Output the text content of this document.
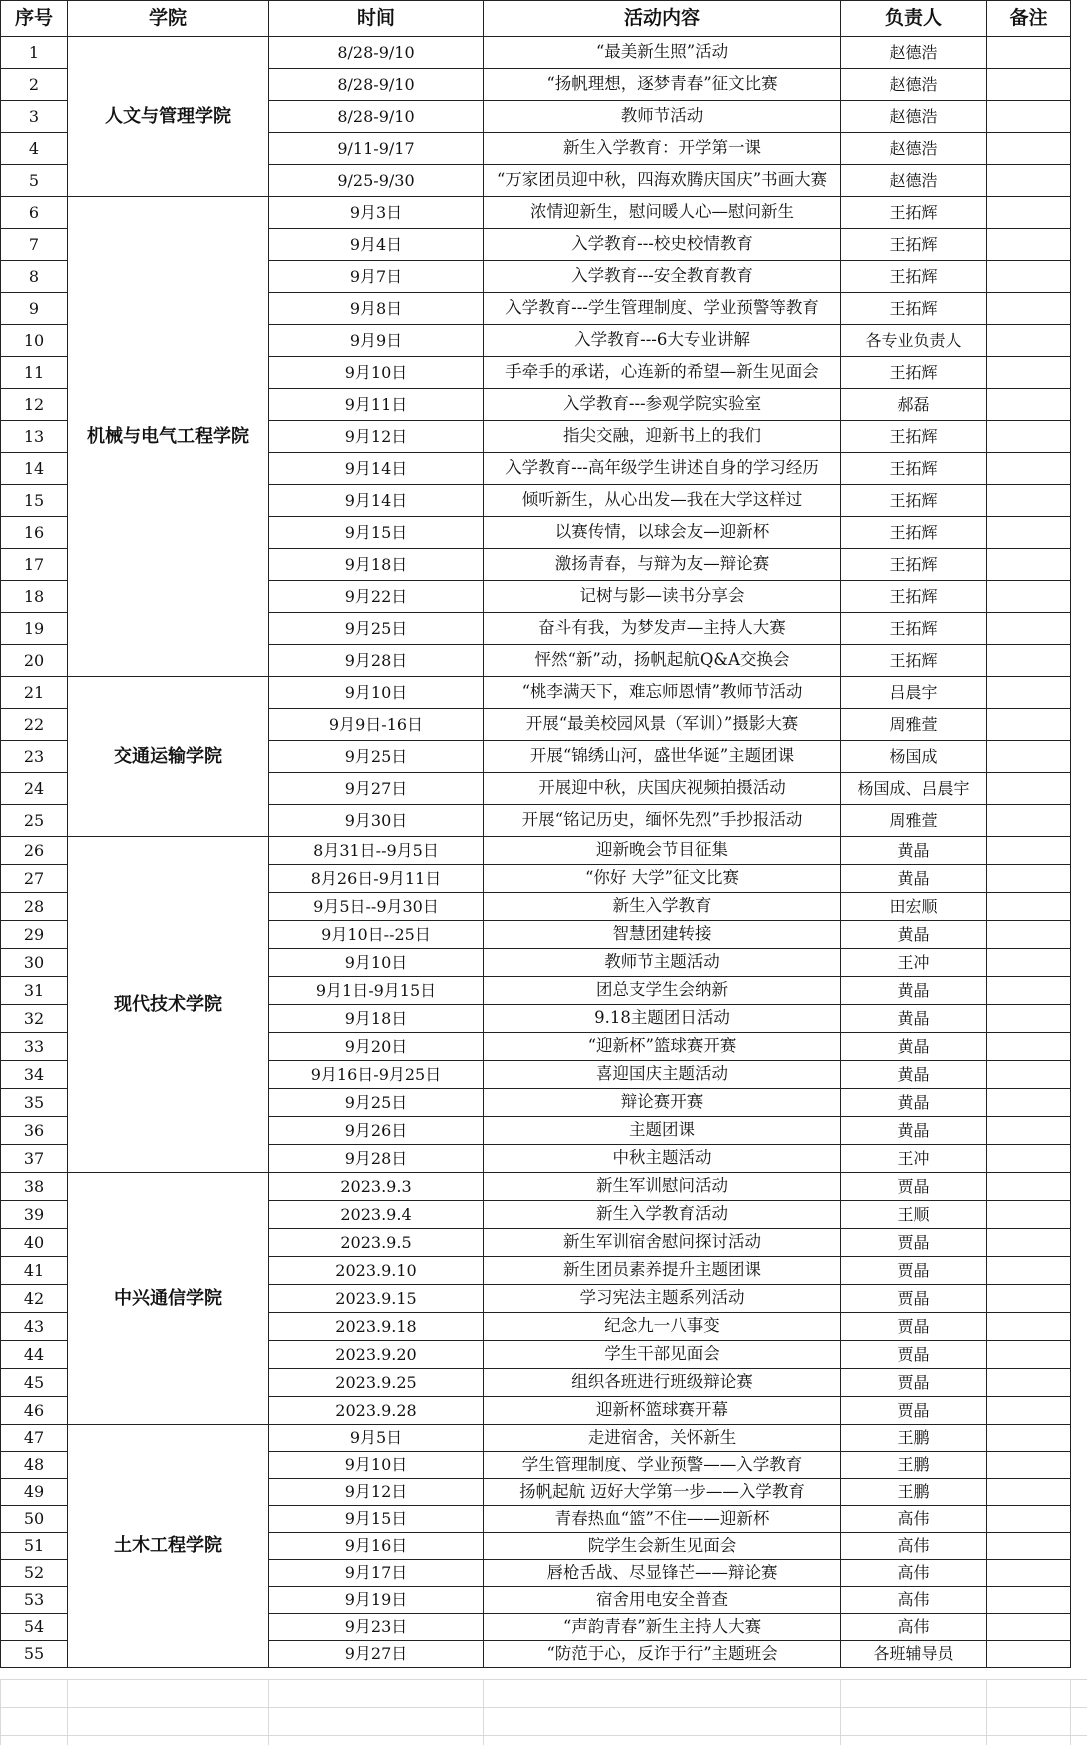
序号	学院	时间	活动内容	负责人	备注
1	人文与管理学院	8/28-9/10	“最美新生照”活动	赵德浩	
2		8/28-9/10	“扬帆理想，逐梦青春”征文比赛	赵德浩	
3		8/28-9/10	教师节活动	赵德浩	
4		9/11-9/17	新生入学教育：开学第一课	赵德浩	
5		9/25-9/30	“万家团员迎中秋，四海欢腾庆国庆”书画大赛	赵德浩	
6	机械与电气工程学院	9月3日	浓情迎新生，慰问暖人心—慰问新生	王拓辉	
7		9月4日	入学教育---校史校情教育	王拓辉	
8		9月7日	入学教育---安全教育教育	王拓辉	
9		9月8日	入学教育---学生管理制度、学业预警等教育	王拓辉	
10		9月9日	入学教育---6大专业讲解	各专业负责人	
11		9月10日	手牵手的承诺，心连新的希望—新生见面会	王拓辉	
12		9月11日	入学教育---参观学院实验室	郝磊	
13		9月12日	指尖交融，迎新书上的我们	王拓辉	
14		9月14日	入学教育---高年级学生讲述自身的学习经历	王拓辉	
15		9月14日	倾听新生，从心出发—我在大学这样过	王拓辉	
16		9月15日	以赛传情，以球会友—迎新杯	王拓辉	
17		9月18日	激扬青春，与辩为友—辩论赛	王拓辉	
18		9月22日	记树与影—读书分享会	王拓辉	
19		9月25日	奋斗有我，为梦发声—主持人大赛	王拓辉	
20		9月28日	怦然“新”动，扬帆起航Q&A交换会	王拓辉	
21	交通运输学院	9月10日	“桃李满天下，难忘师恩情”教师节活动	吕晨宇	
22		9月9日-16日	开展“最美校园风景（军训）”摄影大赛	周雅萱	
23		9月25日	开展“锦绣山河，盛世华诞”主题团课	杨国成	
24		9月27日	开展迎中秋，庆国庆视频拍摄活动	杨国成、吕晨宇	
25		9月30日	开展“铭记历史，缅怀先烈”手抄报活动	周雅萱	
26	现代技术学院	8月31日--9月5日	迎新晚会节目征集	黄晶	
27		8月26日-9月11日	“你好 大学”征文比赛	黄晶	
28		9月5日--9月30日	新生入学教育	田宏顺	
29		9月10日--25日	智慧团建转接	黄晶	
30		9月10日	教师节主题活动	王冲	
31		9月1日-9月15日	团总支学生会纳新	黄晶	
32		9月18日	9.18主题团日活动	黄晶	
33		9月20日	“迎新杯”篮球赛开赛	黄晶	
34		9月16日-9月25日	喜迎国庆主题活动	黄晶	
35		9月25日	辩论赛开赛	黄晶	
36		9月26日	主题团课	黄晶	
37		9月28日	中秋主题活动	王冲	
38	中兴通信学院	2023.9.3	新生军训慰问活动	贾晶	
39		2023.9.4	新生入学教育活动	王顺	
40		2023.9.5	新生军训宿舍慰问探讨活动	贾晶	
41		2023.9.10	新生团员素养提升主题团课	贾晶	
42		2023.9.15	学习宪法主题系列活动	贾晶	
43		2023.9.18	纪念九一八事变	贾晶	
44		2023.9.20	学生干部见面会	贾晶	
45		2023.9.25	组织各班进行班级辩论赛	贾晶	
46		2023.9.28	迎新杯篮球赛开幕	贾晶	
47	土木工程学院	9月5日	走进宿舍，关怀新生	王鹏	
48		9月10日	学生管理制度、学业预警——入学教育	王鹏	
49		9月12日	扬帆起航 迈好大学第一步——入学教育	王鹏	
50		9月15日	青春热血“篮”不住——迎新杯	高伟	
51		9月16日	院学生会新生见面会	高伟	
52		9月17日	唇枪舌战、尽显锋芒——辩论赛	高伟	
53		9月19日	宿舍用电安全普查	高伟	
54		9月23日	“声韵青春”新生主持人大赛	高伟	
55		9月27日	“防范于心，反诈于行”主题班会	各班辅导员	
